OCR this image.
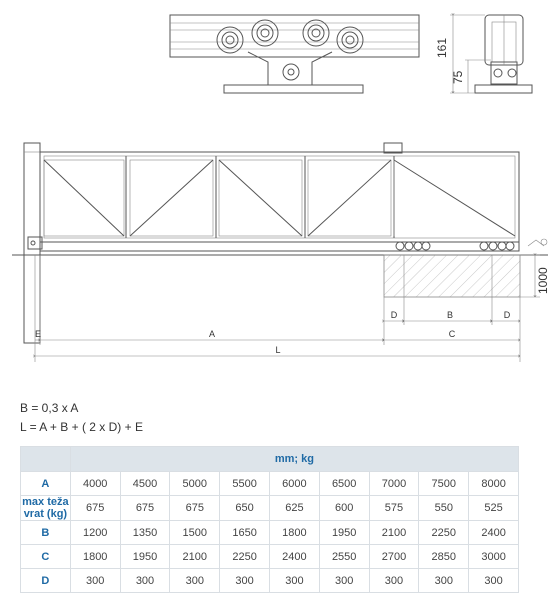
161
75
1000
D	B	D
E	A	C
L
B = 0,3 x A
L = A + B + ( 2 x D) + E
	mm; kg								
A	4000	4500	5000	5500	6000	6500	7000	7500	8000
max teža vrat (kg)	675	675	675	650	625	600	575	550	525
B	1200	1350	1500	1650	1800	1950	2100	2250	2400
C	1800	1950	2100	2250	2400	2550	2700	2850	3000
D	300	300	300	300	300	300	300	300	300
